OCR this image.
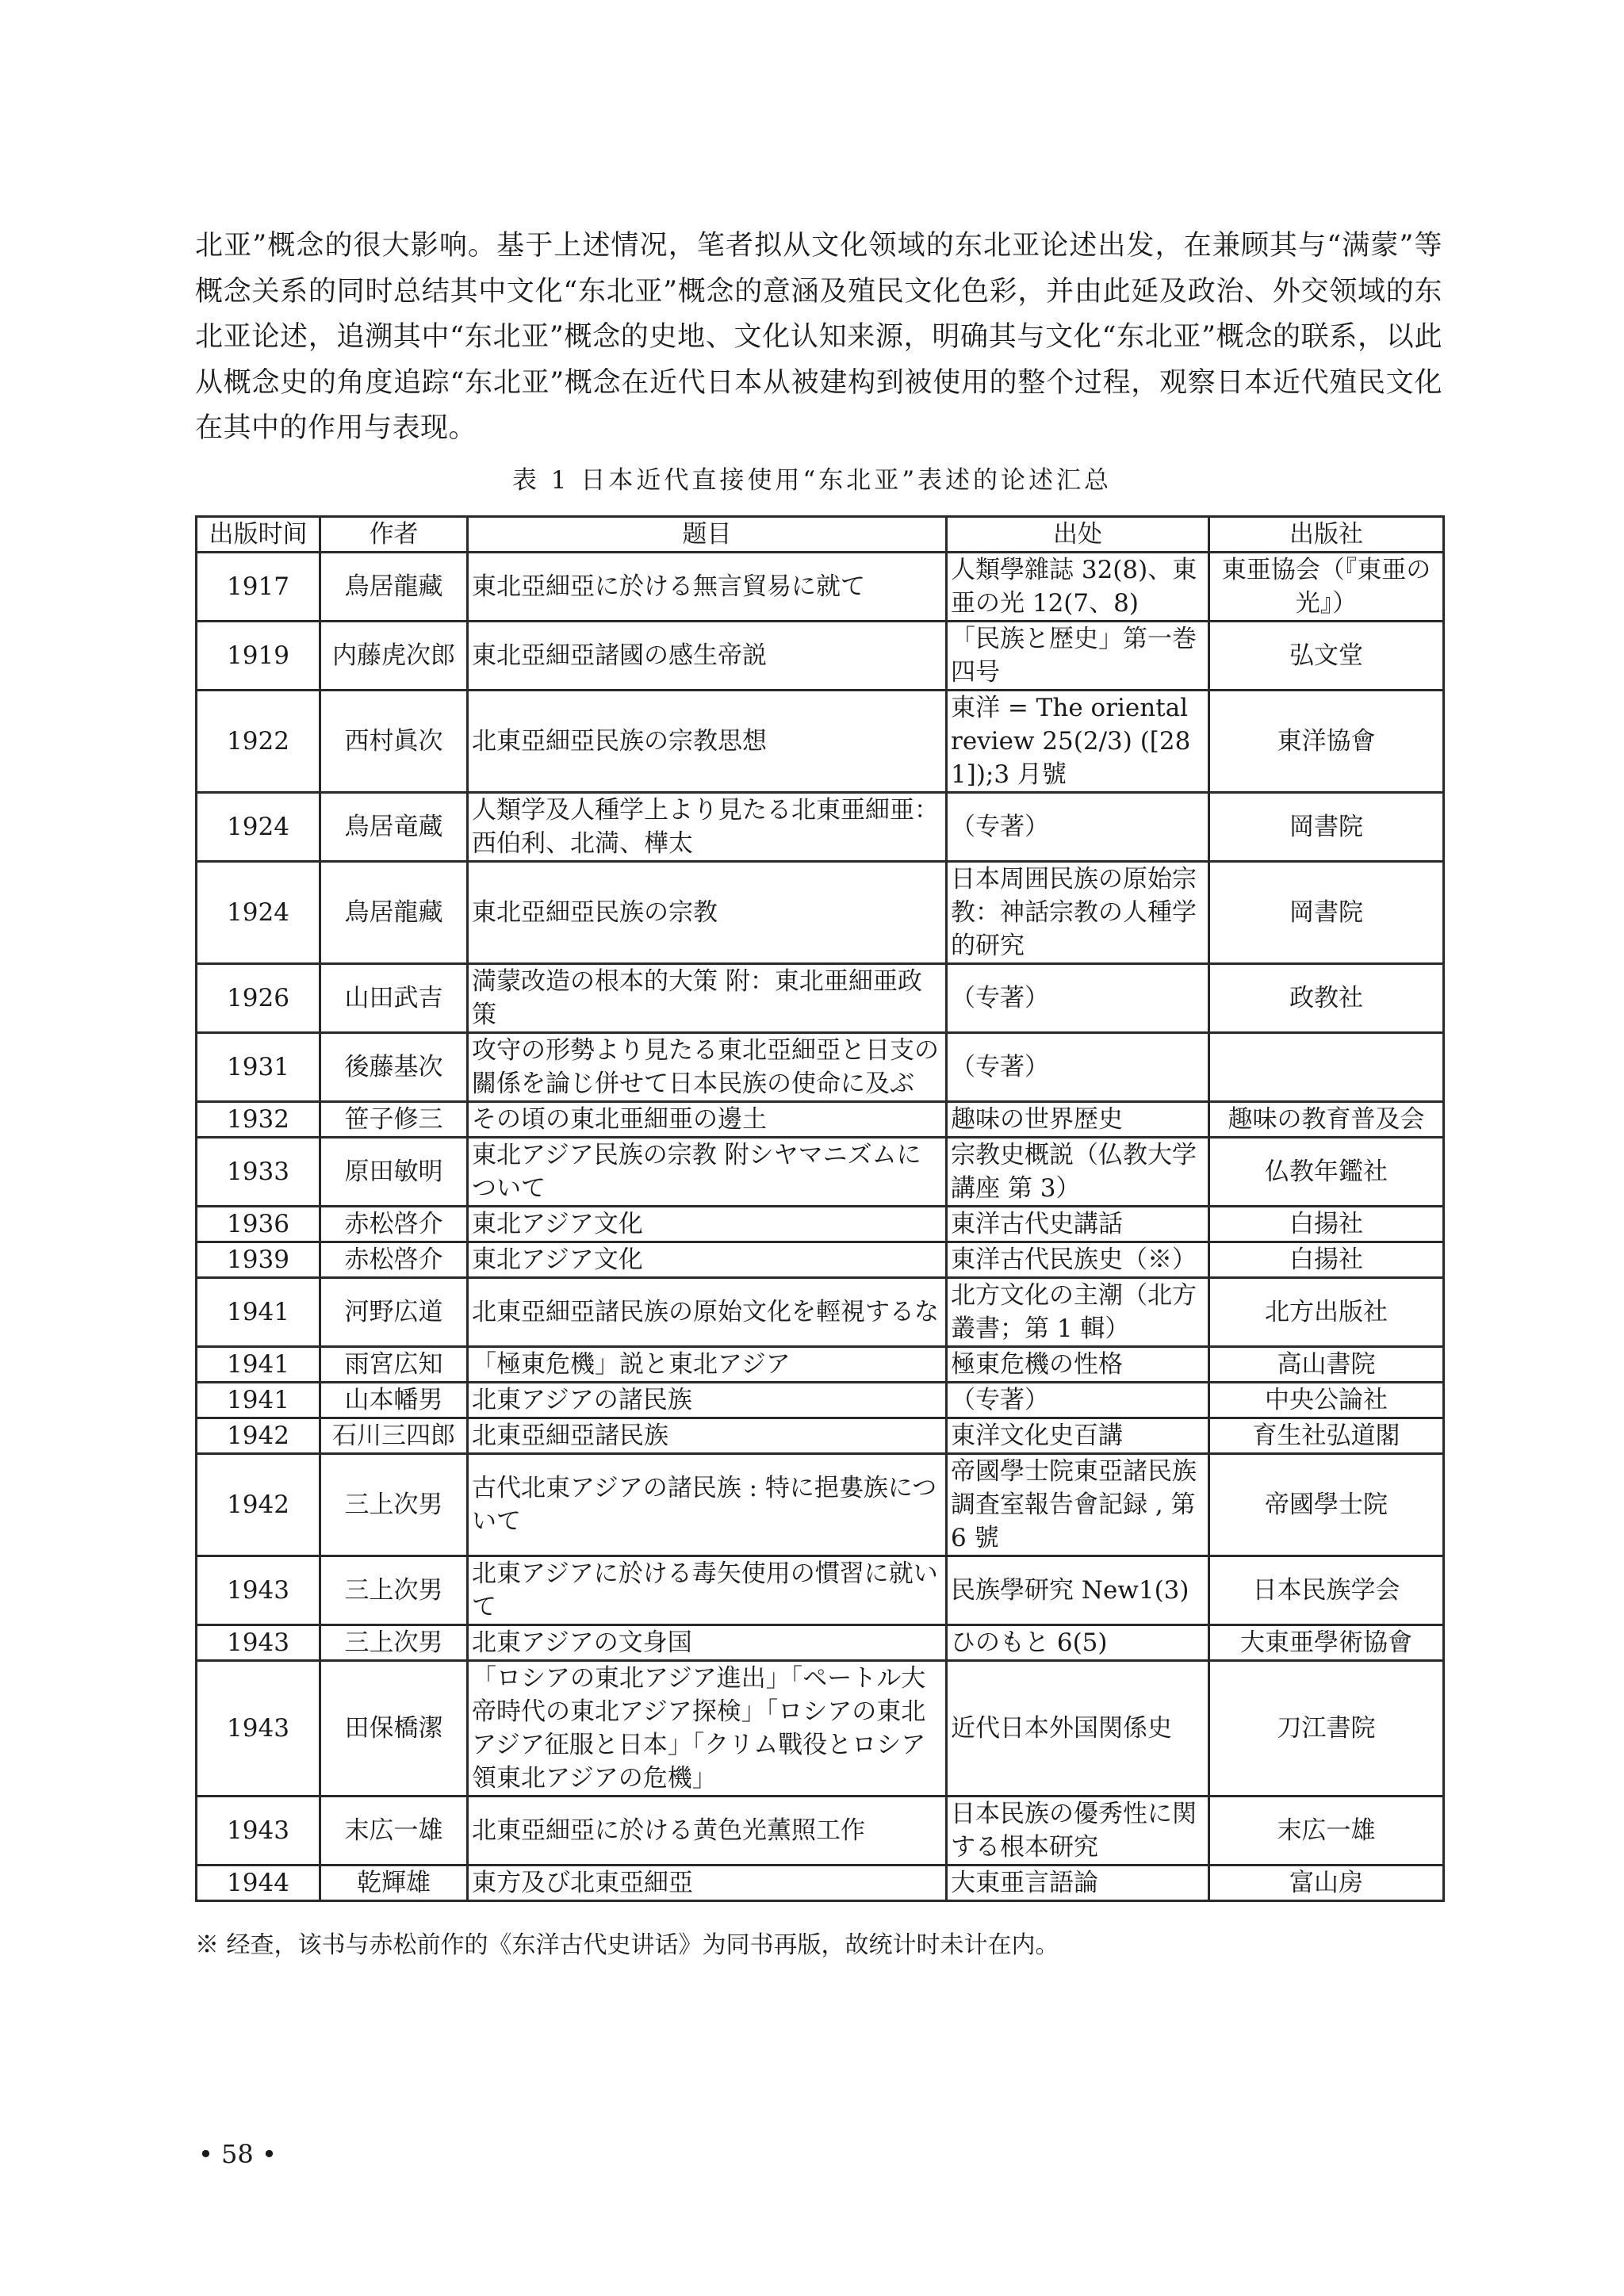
北亚”概念的很大影响。基于上述情况，笔者拟从文化领域的东北亚论述出发，在兼顾其与“满蒙”等概念关系的同时总结其中文化“东北亚”概念的意涵及殖民文化色彩，并由此延及政治、外交领域的东北亚论述，追溯其中“东北亚”概念的史地、文化认知来源，明确其与文化“东北亚”概念的联系，以此从概念史的角度追踪“东北亚”概念在近代日本从被建构到被使用的整个过程，观察日本近代殖民文化在其中的作用与表现。
表 1 日本近代直接使用“东北亚”表述的论述汇总
出版时间	作者	题目	出处	出版社
1917	鳥居龍藏	東北亞細亞に於ける無言貿易に就て	人類學雜誌 32(8)、東亜の光 12(7、8)	東亜協会（『東亜の光』）
1919	内藤虎次郎	東北亞細亞諸國の感生帝説	「民族と歴史」第一巻四号	弘文堂
1922	西村眞次	北東亞細亞民族の宗教思想	東洋 = The oriental review 25(2/3) ([281]);3 月號	東洋協會
1924	鳥居竜蔵	人類学及人種学上より見たる北東亜細亜：西伯利、北満、樺太	（专著）	岡書院
1924	鳥居龍藏	東北亞細亞民族の宗教	日本周囲民族の原始宗教：神話宗教の人種学的研究	岡書院
1926	山田武吉	満蒙改造の根本的大策 附：東北亜細亜政策	（专著）	政教社
1931	後藤基次	攻守の形勢より見たる東北亞細亞と日支の關係を論じ併せて日本民族の使命に及ぶ	（专著）	
1932	笹子修三	その頃の東北亜細亜の邊土	趣味の世界歴史	趣味の教育普及会
1933	原田敏明	東北アジア民族の宗教 附シヤマニズムについて	宗教史概説（仏教大学講座 第 3）	仏教年鑑社
1936	赤松啓介	東北アジア文化	東洋古代史講話	白揚社
1939	赤松啓介	東北アジア文化	東洋古代民族史（※）	白揚社
1941	河野広道	北東亞細亞諸民族の原始文化を輕視するな	北方文化の主潮（北方叢書；第 1 輯）	北方出版社
1941	雨宮広知	「極東危機」説と東北アジア	極東危機の性格	高山書院
1941	山本幡男	北東アジアの諸民族	（专著）	中央公論社
1942	石川三四郎	北東亞細亞諸民族	東洋文化史百講	育生社弘道閣
1942	三上次男	古代北東アジアの諸民族 : 特に挹婁族について	帝國學士院東亞諸民族調査室報告會記録 , 第 6 號	帝國學士院
1943	三上次男	北東アジアに於ける毒矢使用の慣習に就いて	民族學研究 New1(3)	日本民族学会
1943	三上次男	北東アジアの文身国	ひのもと 6(5)	大東亜學術協會
1943	田保橋潔	「ロシアの東北アジア進出」「ペートル大帝時代の東北アジア探検」「ロシアの東北アジア征服と日本」「クリム戰役とロシア領東北アジアの危機」	近代日本外国関係史	刀江書院
1943	末広一雄	北東亞細亞に於ける黄色光薫照工作	日本民族の優秀性に関する根本研究	末広一雄
1944	乾輝雄	東方及び北東亞細亞	大東亜言語論	富山房
※ 经查，该书与赤松前作的《东洋古代史讲话》为同书再版，故统计时未计在内。
• 58 •
